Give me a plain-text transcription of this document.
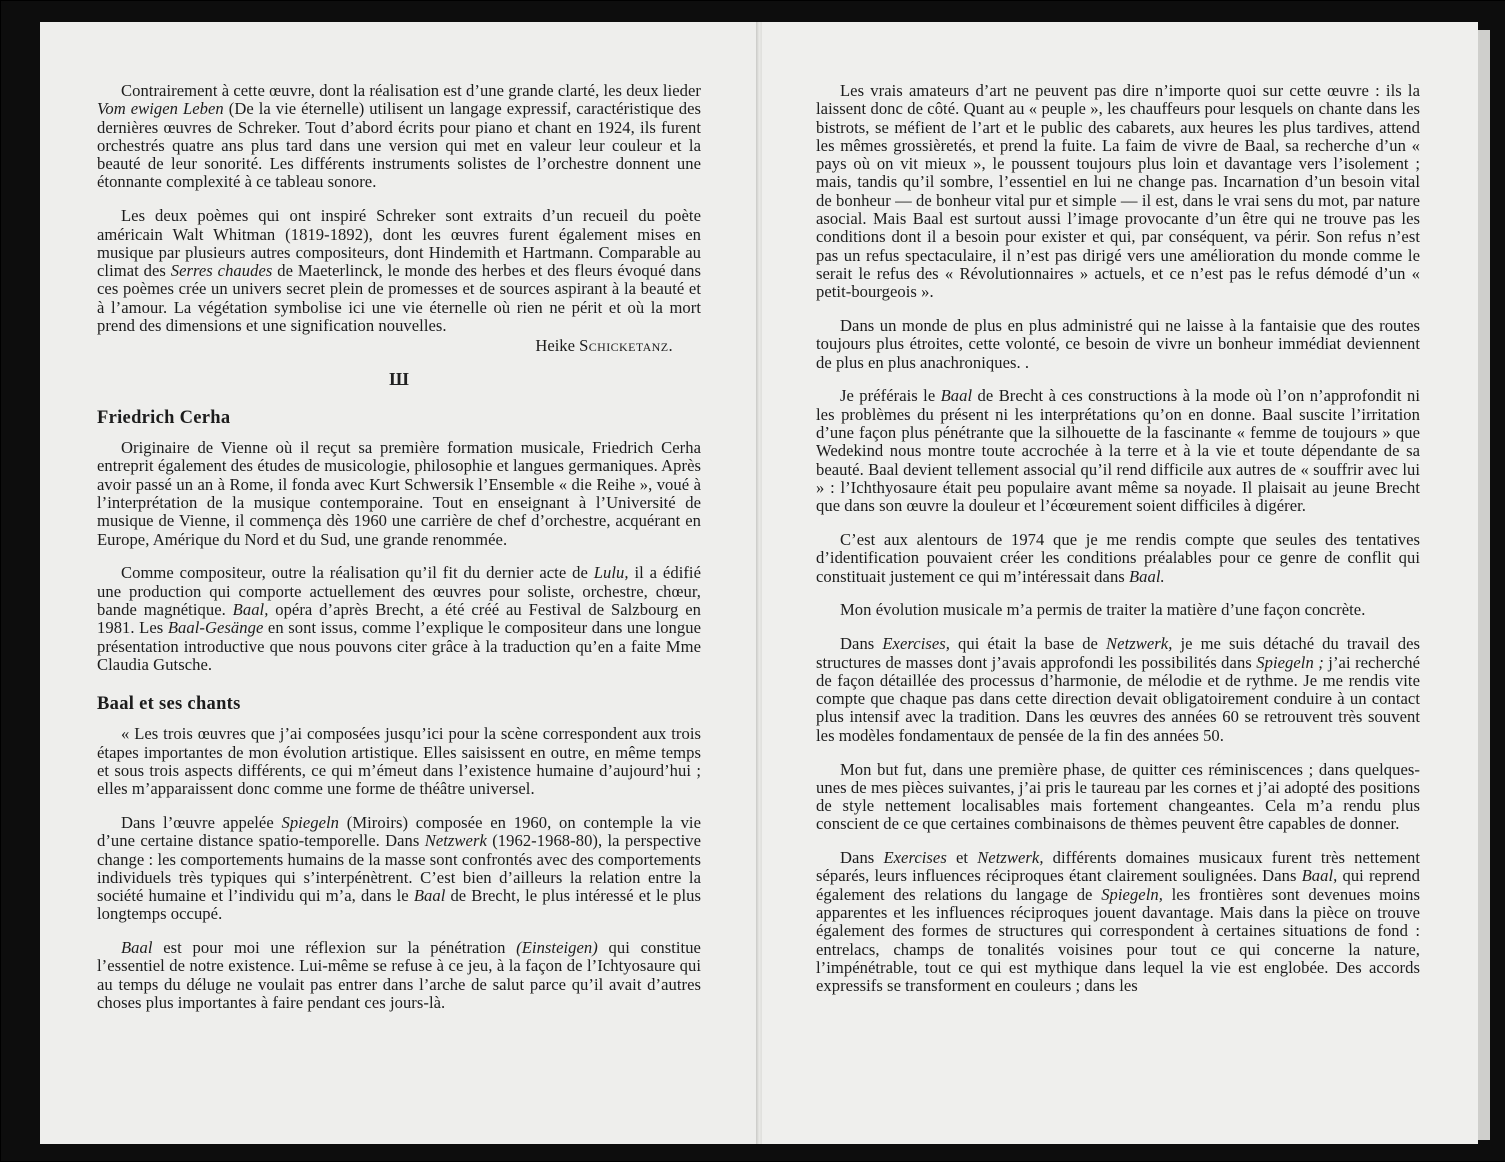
Contrairement à cette œuvre, dont la réalisation est d’une grande clarté, les deux lieder Vom ewigen Leben (De la vie éternelle) utilisent un langage expressif, caractéristique des dernières œuvres de Schreker. Tout d’abord écrits pour piano et chant en 1924, ils furent orchestrés quatre ans plus tard dans une version qui met en valeur leur couleur et la beauté de leur sonorité. Les différents instruments solistes de l’orchestre donnent une étonnante complexité à ce tableau sonore.

Les deux poèmes qui ont inspiré Schreker sont extraits d’un recueil du poète américain Walt Whitman (1819-1892), dont les œuvres furent également mises en musique par plusieurs autres compositeurs, dont Hindemith et Hartmann. Comparable au climat des Serres chaudes de Maeterlinck, le monde des herbes et des fleurs évoqué dans ces poèmes crée un univers secret plein de promesses et de sources aspirant à la beauté et à l’amour. La végétation symbolise ici une vie éternelle où rien ne périt et où la mort prend des dimensions et une signification nouvelles.

Heike Schicketanz.
Ш
Friedrich Cerha

Originaire de Vienne où il reçut sa première formation musicale, Friedrich Cerha entreprit également des études de musicologie, philosophie et langues germaniques. Après avoir passé un an à Rome, il fonda avec Kurt Schwersik l’Ensemble « die Reihe », voué à l’interprétation de la musique contemporaine. Tout en enseignant à l’Université de musique de Vienne, il commença dès 1960 une carrière de chef d’orchestre, acquérant en Europe, Amérique du Nord et du Sud, une grande renommée.

Comme compositeur, outre la réalisation qu’il fit du dernier acte de Lulu, il a édifié une production qui comporte actuellement des œuvres pour soliste, orchestre, chœur, bande magnétique. Baal, opéra d’après Brecht, a été créé au Festival de Salzbourg en 1981. Les Baal-Gesänge en sont issus, comme l’explique le compositeur dans une longue présentation introductive que nous pouvons citer grâce à la traduction qu’en a faite Mme Claudia Gutsche.

Baal et ses chants

« Les trois œuvres que j’ai composées jusqu’ici pour la scène correspondent aux trois étapes importantes de mon évolution artistique. Elles saisissent en outre, en même temps et sous trois aspects différents, ce qui m’émeut dans l’existence humaine d’aujourd’hui ; elles m’apparaissent donc comme une forme de théâtre universel.

Dans l’œuvre appelée Spiegeln (Miroirs) composée en 1960, on contemple la vie d’une certaine distance spatio-temporelle. Dans Netzwerk (1962-1968-80), la perspective change : les comportements humains de la masse sont confrontés avec des comportements individuels très typiques qui s’interpénètrent. C’est bien d’ailleurs la relation entre la société humaine et l’individu qui m’a, dans le Baal de Brecht, le plus intéressé et le plus longtemps occupé.

Baal est pour moi une réflexion sur la pénétration (Einsteigen) qui constitue l’essentiel de notre existence. Lui-même se refuse à ce jeu, à la façon de l’Ichtyosaure qui au temps du déluge ne voulait pas entrer dans l’arche de salut parce qu’il avait d’autres choses plus importantes à faire pendant ces jours-là.

Les vrais amateurs d’art ne peuvent pas dire n’importe quoi sur cette œuvre : ils la laissent donc de côté. Quant au « peuple », les chauffeurs pour lesquels on chante dans les bistrots, se méfient de l’art et le public des cabarets, aux heures les plus tardives, attend les mêmes grossièretés, et prend la fuite. La faim de vivre de Baal, sa recherche d’un « pays où on vit mieux », le poussent toujours plus loin et davantage vers l’isolement ; mais, tandis qu’il sombre, l’essentiel en lui ne change pas. Incarnation d’un besoin vital de bonheur — de bonheur vital pur et simple — il est, dans le vrai sens du mot, par nature asocial. Mais Baal est surtout aussi l’image provocante d’un être qui ne trouve pas les conditions dont il a besoin pour exister et qui, par conséquent, va périr. Son refus n’est pas un refus spectaculaire, il n’est pas dirigé vers une amélioration du monde comme le serait le refus des « Révolutionnaires » actuels, et ce n’est pas le refus démodé d’un « petit-bourgeois ».

Dans un monde de plus en plus administré qui ne laisse à la fantaisie que des routes toujours plus étroites, cette volonté, ce besoin de vivre un bonheur immédiat deviennent de plus en plus anachroniques. .

Je préférais le Baal de Brecht à ces constructions à la mode où l’on n’approfondit ni les problèmes du présent ni les interprétations qu’on en donne. Baal suscite l’irritation d’une façon plus pénétrante que la silhouette de la fascinante « femme de toujours » que Wedekind nous montre toute accrochée à la terre et à la vie et toute dépendante de sa beauté. Baal devient tellement associal qu’il rend difficile aux autres de « souffrir avec lui » : l’Ichthyosaure était peu populaire avant même sa noyade. Il plaisait au jeune Brecht que dans son œuvre la douleur et l’écœurement soient difficiles à digérer.

C’est aux alentours de 1974 que je me rendis compte que seules des tentatives d’identification pouvaient créer les conditions préalables pour ce genre de conflit qui constituait justement ce qui m’intéressait dans Baal.

Mon évolution musicale m’a permis de traiter la matière d’une façon concrète.

Dans Exercises, qui était la base de Netzwerk, je me suis détaché du travail des structures de masses dont j’avais approfondi les possibilités dans Spiegeln ; j’ai recherché de façon détaillée des processus d’harmonie, de mélodie et de rythme. Je me rendis vite compte que chaque pas dans cette direction devait obligatoirement conduire à un contact plus intensif avec la tradition. Dans les œuvres des années 60 se retrouvent très souvent les modèles fondamentaux de pensée de la fin des années 50.

Mon but fut, dans une première phase, de quitter ces réminiscences ; dans quelques-unes de mes pièces suivantes, j’ai pris le taureau par les cornes et j’ai adopté des positions de style nettement localisables mais fortement changeantes. Cela m’a rendu plus conscient de ce que certaines combinaisons de thèmes peuvent être capables de donner.

Dans Exercises et Netzwerk, différents domaines musicaux furent très nettement séparés, leurs influences réciproques étant clairement soulignées. Dans Baal, qui reprend également des relations du langage de Spiegeln, les frontières sont devenues moins apparentes et les influences réciproques jouent davantage. Mais dans la pièce on trouve également des formes de structures qui correspondent à certaines situations de fond : entrelacs, champs de tonalités voisines pour tout ce qui concerne la nature, l’impénétrable, tout ce qui est mythique dans lequel la vie est englobée. Des accords expressifs se transforment en couleurs ; dans les
